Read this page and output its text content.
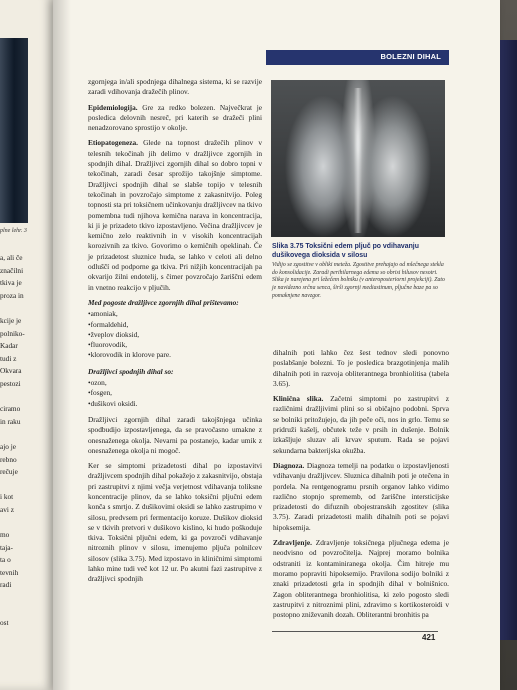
plne lehr. 3
a, ali če
značilni
tkiva je
proza in

kcije je
polniko-
Kadar
tudi z
Okvara
pestozi

ciramo
in raku

ajo je
rebno
rečuje

i kot
avi z

mo
taja-
ta o
tevnih
radi

ost
BOLEZNI DIHAL

zgornjega in/ali spodnjega dihalnega sistema, ki se razvije zaradi vdihovanja dražečih plinov.

Epidemiologija. Gre za redko bolezen. Največkrat je posledica delovnih nesreč, pri katerih se dražeči plini nenadzorovano sprostijo v okolje.

Etiopatogeneza. Glede na topnost dražečih plinov v telesnih tekočinah jih delimo v dražljivce zgornjih in spodnjih dihal. Dražljivci zgornjih dihal so dobro topni v tekočinah, zaradi česar sprožijo takojšnje simptome. Dražljivci spodnjih dihal se slabše topijo v telesnih tekočinah in povzročajo simptome z zakasnitvijo. Poleg topnosti sta pri toksičnem učinkovanju dražljivcev na tkivo pomembna tudi njihova kemična narava in koncentracija, ki ji je prizadeto tkivo izpostavljeno. Večina dražljivcev je kemično zelo reaktivnih in v visokih koncentracijah korozivnih za tkivo. Govorimo o kemičnih opeklinah. Če je prizadetost sluznice huda, se lahko v celoti ali delno odluščí od podporne ga tkiva. Pri nižjih koncentracijah pa okvarijo žilni endotelij, s čimer povzročajo žariščni edem in vnetno reakcijo v pljučih.

Med pogoste dražljivce zgornjih dihal prištevamo:

• amoniak,
• formaldehid,
• žveplov dioksid,
• fluorovodik,
• klorovodik in klorove pare.

Dražljivci spodnjih dihal so:

• ozon,
• fosgen,
• dušikovi oksidi.

Dražljivci zgornjih dihal zaradi takojšnjega učinka spodbudijo izpostavljenega, da se pravočasno umakne z onesnaženega okolja. Nevarni pa postanejo, kadar umik z onesnaženega okolja ni mogoč.

Ker se simptomi prizadetosti dihal po izpostavitvi dražljivcem spodnjih dihal pokažejo z zakasnitvijo, obstaja pri zastrupitvi z njimi večja verjetnost vdihavanja toliksne koncentracije plinov, da se lahko toksični pljučni edem konča s smrtjo. Z dušikovimi oksidi se lahko zastrupimo v silosu, predvsem pri fermentacijo koruze. Dušikov dioksid se v tkivih pretvori v dušikovo kislino, ki hudo poškoduje tkiva. Toksični pljučni edem, ki ga povzroči vdihavanje nitroznih plinov v silosu, imenujemo pljuča polnilcev silosov (slika 3.75). Med izpostavo in kliničnimi simptomi lahko mine tudi več kot 12 ur. Po akutni fazi zastrupitve z dražljivci spodnjih

Slika 3.75 Toksični edem pljuč po vdihavanju dušikovega dioksida v silosu
Vidijo se zgostitve v obliki meteža. Zgostitve prehajajo od mlečnega stekla do konsolidacije. Zaradi perihilarnega edema so obrisi hilusov nesotri. Slika je narejena pri ležečem bolniku (v anteroposteriorni projekciji). Zato je navidezno srčna senca, širši zgornji mediastinum, pljučne baze pa so pomaknjene navzgor.

dihalnih poti lahko čez šest tednov sledi ponovno poslabšanje bolezni. To je posledica brazgotinjenja malih dihalnih poti in razvoja obliterantnega bronhiolitisa (tabela 3.65).

Klinična slika. Začetni simptomi po zastrupitvi z različnimi dražljivimi plini so si običajno podobni. Sprva se bolniki pritožujejo, da jih peče oči, nos in grlo. Temu se pridruži kašelj, občutek teže v prsih in dušenje. Bolnik izkašljuje sluzav ali krvav sputum. Rada se pojavi sekundarna bakterijska okužba.

Diagnoza. Diagnoza temelji na podatku o izpostavljenosti vdihavanju dražljivcev. Sluznica dihalnih poti je otečena in pordela. Na rentgenogramu prsnih organov lahko vidimo različno stopnjo sprememb, od žariščne intersticijske prizadetosti do difuznih obojestranskih zgostitev (slika 3.75). Zaradi prizadetosti malih dihalnih poti se pojavi hipoksemija.

Zdravljenje. Zdravljenje toksičnega pljučnega edema je neodvisno od povzročitelja. Najprej moramo bolnika odstraniti iz kontaminiranega okolja. Čim hitreje mu moramo popraviti hipoksemijo. Pravilona sodijo bolniki z znaki prizadetosti grla in spodnjih dihal v bolnišnico. Zagon obliterantnega bronhiolitisa, ki zelo pogosto sledi zastrupitvi z nitroznimi plini, zdravimo s kortikosteroidi v postopno zniževanih dozah. Obliterantni bronhitis pa

421
